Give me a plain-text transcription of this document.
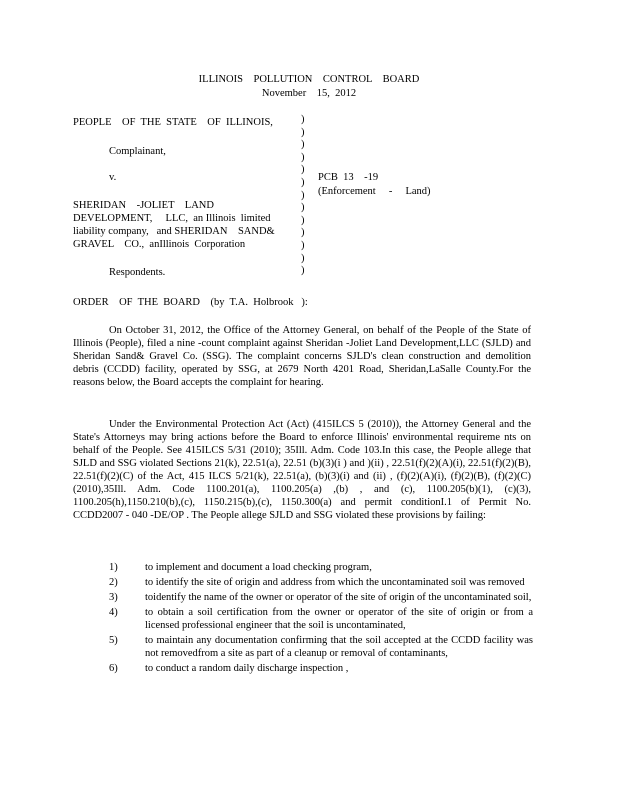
ILLINOIS    POLLUTION    CONTROL    BOARD
November    15,  2012
PEOPLE    OF  THE  STATE    OF  ILLINOIS,
Complainant,
v.
SHERIDAN    -JOLIET    LAND
DEVELOPMENT,     LLC,  an Illinois  limited
liability company,   and SHERIDAN    SAND&
GRAVEL    CO.,  anIllinois  Corporation
Respondents.
)
)
)
)
)
)
)
)
)
)
)
)
)
PCB  13    -19
(Enforcement     -     Land)
ORDER    OF  THE  BOARD    (by  T.A.  Holbrook   ):
On October 31, 2012, the Office of the Attorney General, on behalf of the People of the State of Illinois (People), filed a nine -count complaint against Sheridan -Joliet Land Development,LLC (SJLD) and Sheridan Sand& Gravel Co. (SSG). The complaint concerns SJLD's clean construction and demolition debris (CCDD) facility, operated by SSG, at 2679 North 4201 Road, Sheridan,LaSalle County.For the reasons below, the Board accepts the complaint for hearing.
Under the Environmental Protection Act (Act) (415ILCS 5 (2010)), the Attorney General and the State's Attorneys may bring actions before the Board to enforce Illinois' environmental requireme nts on behalf of the People. See 415ILCS 5/31 (2010); 35Ill. Adm. Code 103.In this case, the People allege that SJLD and SSG violated Sections 21(k), 22.51(a), 22.51 (b)(3)(i ) and )(ii) , 22.51(f)(2)(A)(i), 22.51(f)(2)(B), 22.51(f)(2)(C) of the Act, 415 ILCS 5/21(k), 22.51(a), (b)(3)(i) and (ii) , (f)(2)(A)(i), (f)(2)(B), (f)(2)(C) (2010),35Ill. Adm. Code 1100.201(a), 1100.205(a) ,(b) , and (c), 1100.205(b)(1), (c)(3), 1100.205(h),1150.210(b),(c), 1150.215(b),(c), 1150.300(a) and permit conditionI.1 of Permit No. CCDD2007 - 040 -DE/OP . The People allege SJLD and SSG violated these provisions by failing:
1)	to implement and document a load checking program,
2)	to identify the site of origin and address from which the uncontaminated soil was removed
3)	toidentify the name of the owner or operator of the site of origin of the uncontaminated soil,
4)	to obtain a soil certification from the owner or operator of the site of origin or from a licensed professional engineer that the soil is uncontaminated,
5)	to maintain any documentation confirming that the soil accepted at the CCDD facility was not removedfrom a site as part of a cleanup or removal of contaminants,
6)	to conduct a random daily discharge inspection ,
